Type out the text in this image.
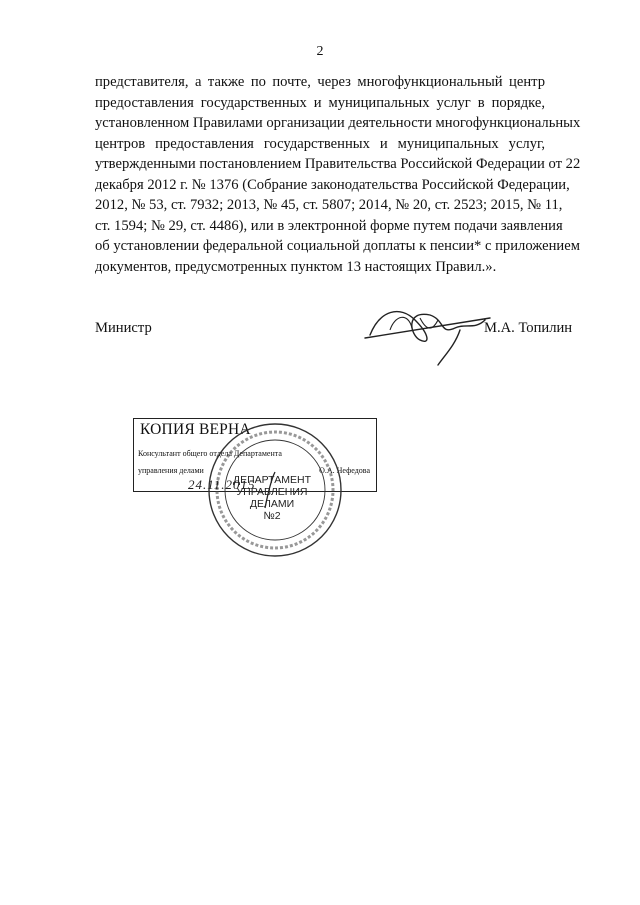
2
представителя, а также по почте, через многофункциональный центр
предоставления государственных и муниципальных услуг в порядке,
установленном Правилами организации деятельности многофункциональных
центров предоставления государственных и муниципальных услуг,
утвержденными постановлением Правительства Российской Федерации от 22
декабря 2012 г. № 1376 (Собрание законодательства Российской Федерации,
2012, № 53, ст. 7932; 2013, № 45, ст. 5807; 2014, № 20, ст. 2523; 2015, № 11,
ст. 1594; № 29, ст. 4486), или в электронной форме путем подачи заявления
об установлении федеральной социальной доплаты к пенсии* с приложением
документов, предусмотренных пунктом 13 настоящих Правил.».
Министр	М.А. Топилин
КОПИЯ ВЕРНА
Консультант общего отдела Департамента
управления делами	О.А. Нефедова
ДЕПАРТАМЕНТ
УПРАВЛЕНИЯ
ДЕЛАМИ
№2
24.11.2015
